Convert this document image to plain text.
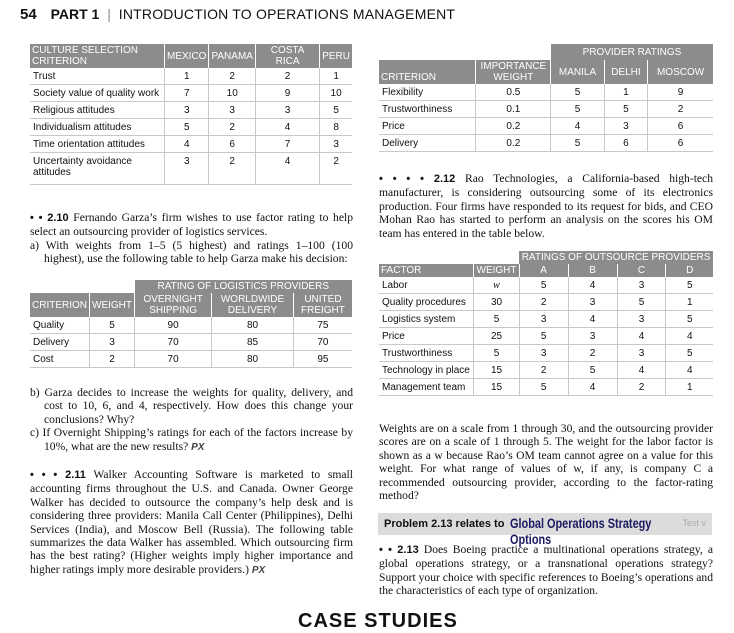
54 PART 1 | INTRODUCTION TO OPERATIONS MANAGEMENT
CULTURE SELECTION CRITERION	MEXICO	PANAMA	COSTA RICA	PERU
Trust	1	2	2	1
Society value of quality work	7	10	9	10
Religious attitudes	3	3	3	5
Individualism attitudes	5	2	4	8
Time orientation attitudes	4	6	7	3
Uncertainty avoidance attitudes	3	2	4	2
• • 2.10 Fernando Garza’s firm wishes to use factor rating to help select an outsourcing provider of logistics services.
a) With weights from 1–5 (5 highest) and ratings 1–100 (100 highest), use the following table to help Garza make his decision:
		RATING OF LOGISTICS PROVIDERS		
CRITERION	WEIGHT	OVERNIGHT SHIPPING	WORLDWIDE DELIVERY	UNITED FREIGHT
Quality	5	90	80	75
Delivery	3	70	85	70
Cost	2	70	80	95
b) Garza decides to increase the weights for quality, delivery, and cost to 10, 6, and 4, respectively. How does this change your conclusions? Why?
c) If Overnight Shipping’s ratings for each of the factors increase by 10%, what are the new results? PX
• • • 2.11 Walker Accounting Software is marketed to small accounting firms throughout the U.S. and Canada. Owner George Walker has decided to outsource the company’s help desk and is considering three providers: Manila Call Center (Philippines), Delhi Services (India), and Moscow Bell (Russia). The following table summarizes the data Walker has assembled. Which outsourcing firm has the best rating? (Higher weights imply higher importance and higher ratings imply more desirable providers.) PX
		PROVIDER RATINGS		
CRITERION	IMPORTANCE WEIGHT	MANILA	DELHI	MOSCOW
Flexibility	0.5	5	1	9
Trustworthiness	0.1	5	5	2
Price	0.2	4	3	6
Delivery	0.2	5	6	6
• • • • 2.12 Rao Technologies, a California-based high-tech manufacturer, is considering outsourcing some of its electronics production. Four firms have responded to its request for bids, and CEO Mohan Rao has started to perform an analysis on the scores his OM team has entered in the table below.
		RATINGS OF OUTSOURCE PROVIDERS			
FACTOR	WEIGHT	A	B	C	D
Labor	w	5	4	3	5
Quality procedures	30	2	3	5	1
Logistics system	5	3	4	3	5
Price	25	5	3	4	4
Trustworthiness	5	3	2	3	5
Technology in place	15	2	5	4	4
Management team	15	5	4	2	1
Weights are on a scale from 1 through 30, and the outsourcing provider scores are on a scale of 1 through 5. The weight for the labor factor is shown as a w because Rao’s OM team cannot agree on a value for this weight. For what range of values of w, if any, is company C a recommended outsourcing provider, according to the factor-rating method?
Problem 2.13 relates to Global Operations Strategy Options
Text v
• • 2.13 Does Boeing practice a multinational operations strategy, a global operations strategy, or a transnational operations strategy? Support your choice with specific references to Boeing’s operations and the characteristics of each type of organization.
CASE STUDIES
